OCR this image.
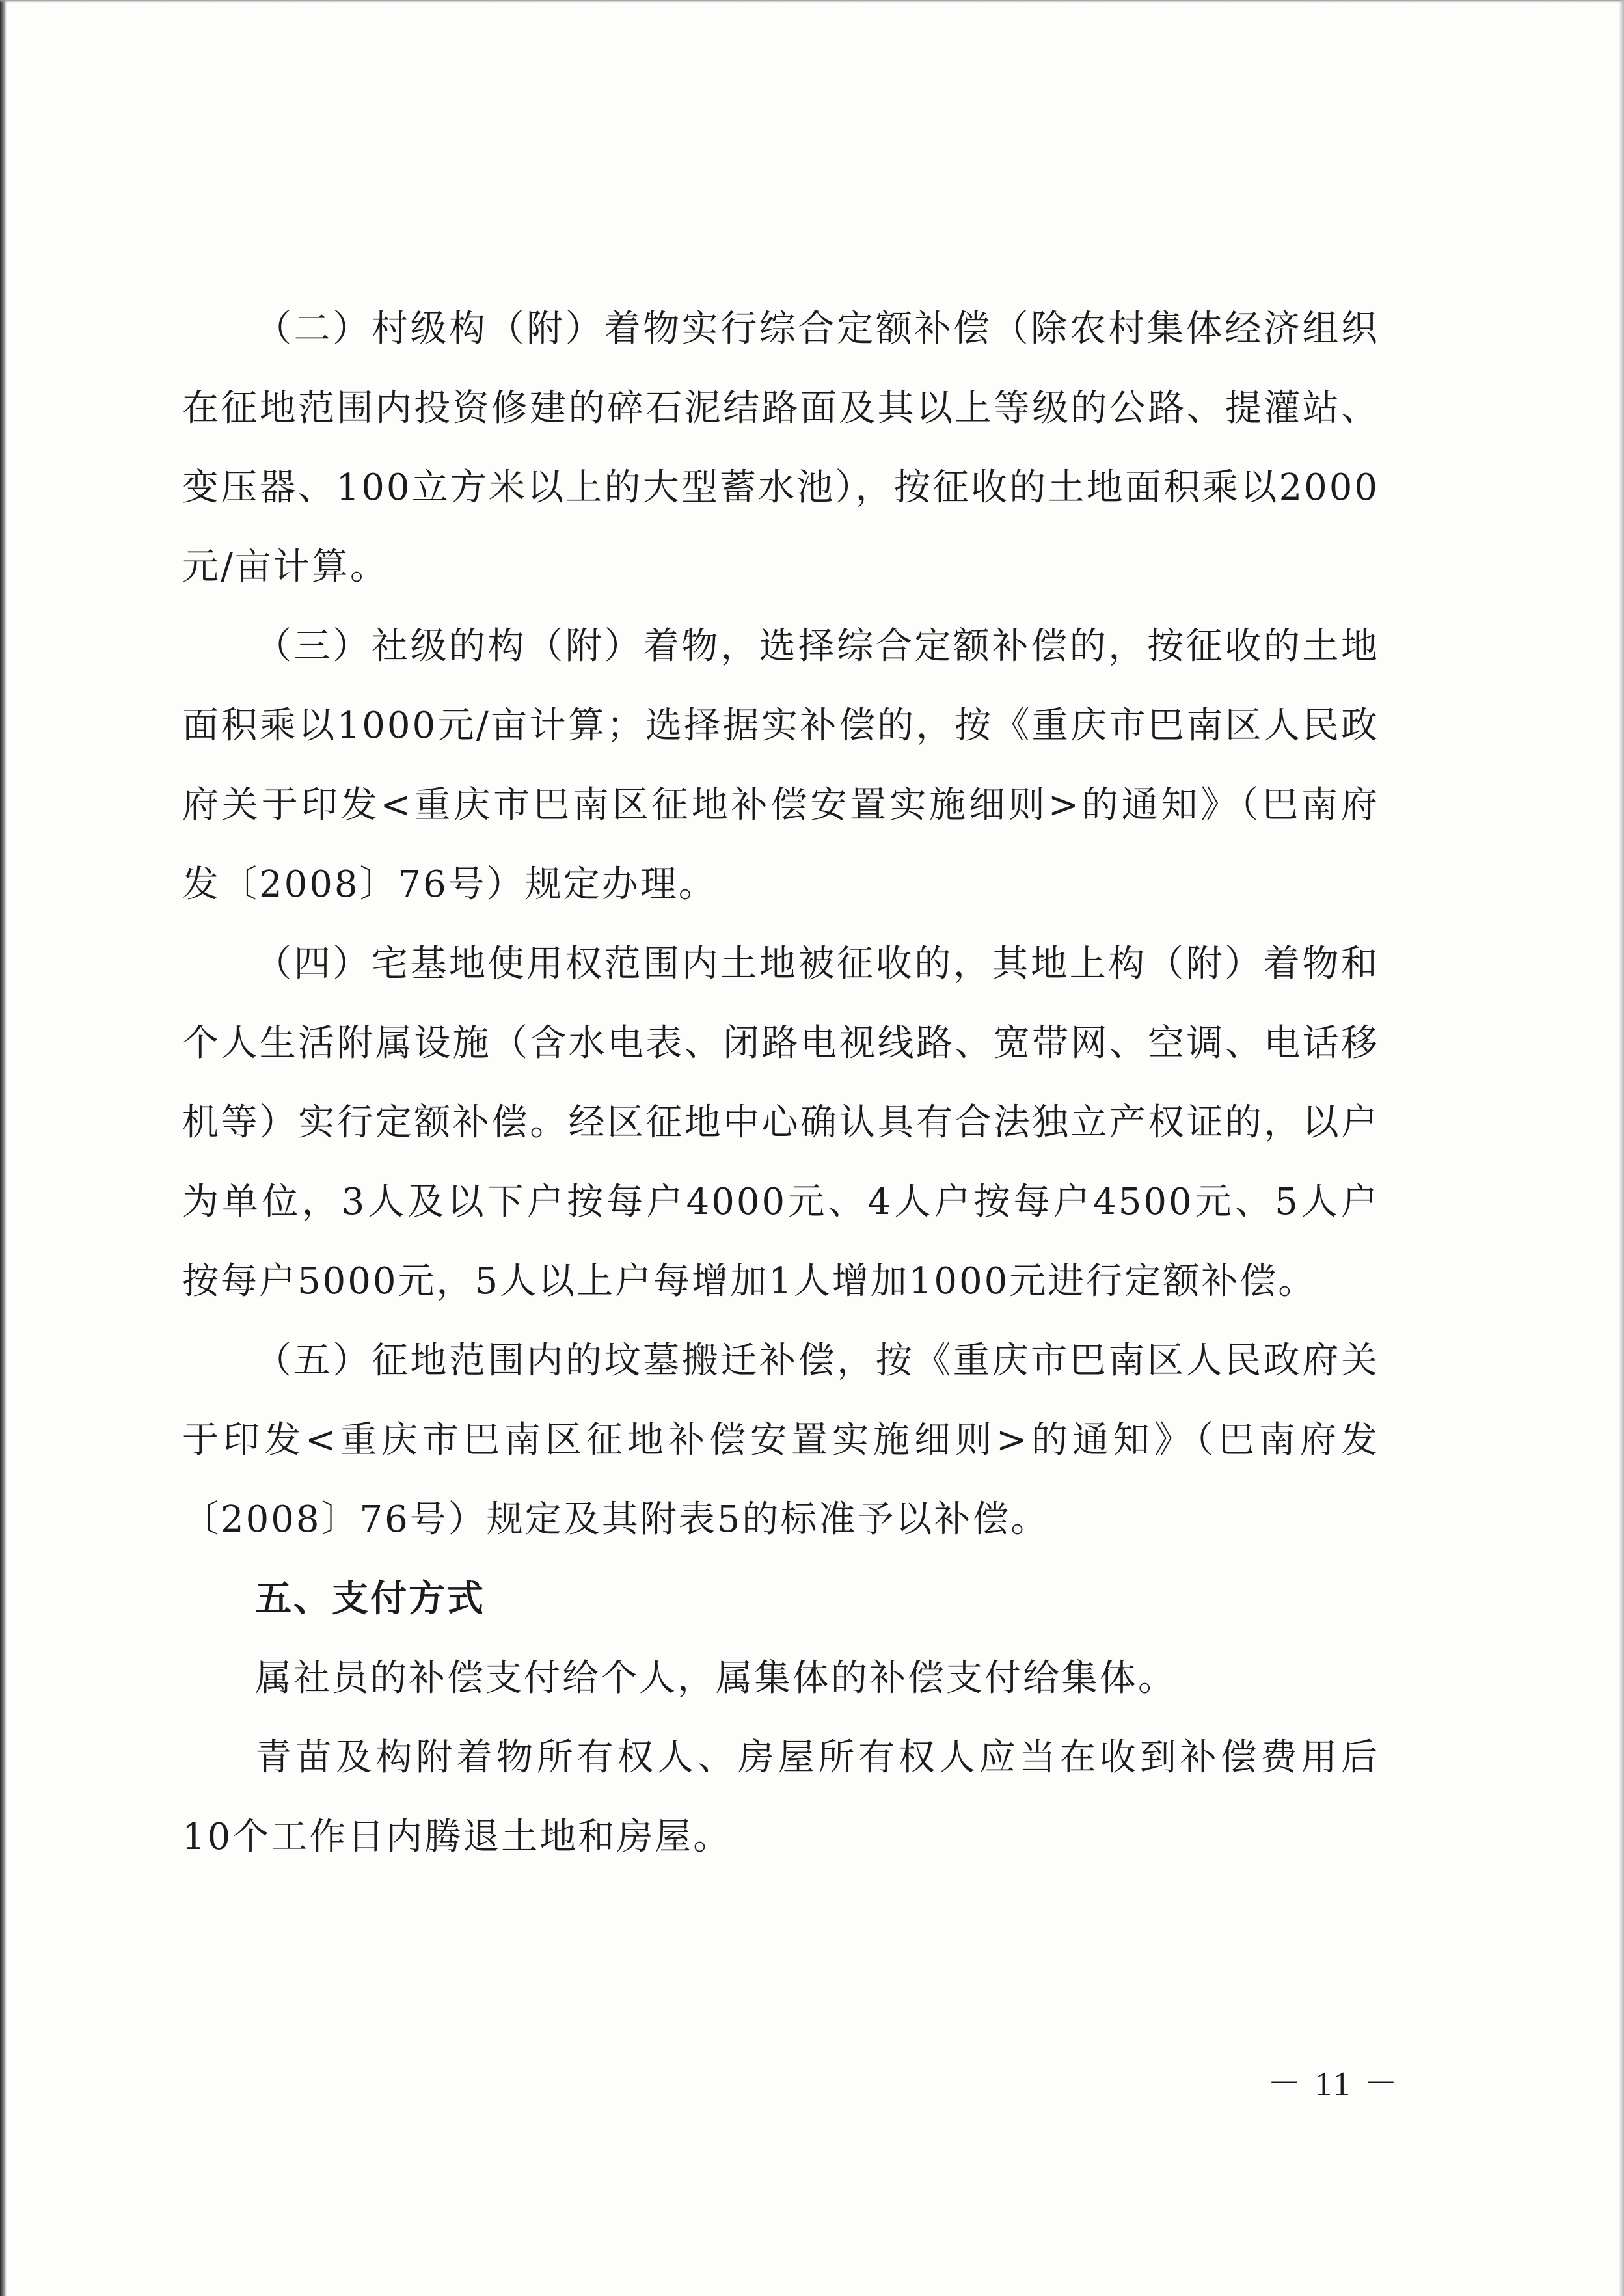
（二）村级构（附）着物实行综合定额补偿（除农村集体经济组织在征地范围内投资修建的碎石泥结路面及其以上等级的公路、提灌站、变压器、100立方米以上的大型蓄水池），按征收的土地面积乘以2000元/亩计算。

（三）社级的构（附）着物，选择综合定额补偿的，按征收的土地面积乘以1000元/亩计算；选择据实补偿的，按《重庆市巴南区人民政府关于印发<重庆市巴南区征地补偿安置实施细则>的通知》（巴南府发〔2008〕76号）规定办理。

（四）宅基地使用权范围内土地被征收的，其地上构（附）着物和个人生活附属设施（含水电表、闭路电视线路、宽带网、空调、电话移机等）实行定额补偿。经区征地中心确认具有合法独立产权证的，以户为单位，3人及以下户按每户4000元、4人户按每户4500元、5人户按每户5000元，5人以上户每增加1人增加1000元进行定额补偿。

（五）征地范围内的坟墓搬迁补偿，按《重庆市巴南区人民政府关于印发<重庆市巴南区征地补偿安置实施细则>的通知》（巴南府发〔2008〕76号）规定及其附表5的标准予以补偿。

五、支付方式

属社员的补偿支付给个人，属集体的补偿支付给集体。

青苗及构附着物所有权人、房屋所有权人应当在收到补偿费用后10个工作日内腾退土地和房屋。

－ 11 －
